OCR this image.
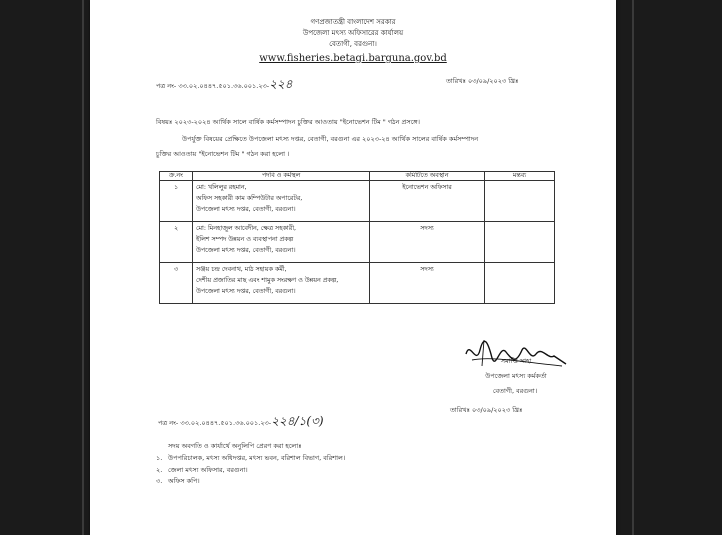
গণপ্রজাতন্ত্রী বাংলাদেশ সরকার
উপজেলা মৎস্য অফিসারের কার্যালয়
বেতাগী, বরগুনা।
www.fisheries.betagi.barguna.gov.bd
পত্র নং- ৩৩.০২.০৪৪৭.৫০১.৩৬.০০১.২৩-২২৪	তারিখঃ ০৩/০৯/২০২৩ খ্রিঃ
বিষয়ঃ ২০২৩-২০২৪ আর্থিক সালে বার্ষিক কর্মসম্পাদন চুক্তির আওতায় "ইনোভেশন টিম " গঠন প্রসঙ্গে।
উপর্যুক্ত বিষয়ের প্রেক্ষিতে উপজেলা মৎস্য দপ্তর, বেতাগী, বরগুনা এর ২০২৩-২৪ আর্থিক সালের বার্ষিক কর্মসম্পাদন
চুক্তির আওতায় "ইনোভেশন টিম " গঠন করা হলো ।
ক্র.নং	পদবি ও কর্মস্থল	কমিটিতে অবস্থান	মন্তব্য
১	মো: খলিলুর রহমান,
অফিস সহকারী কাম কম্পিউটার অপারেটর,
উপজেলা মৎস্য দপ্তর, বেতাগী, বরগুনা।	ইনোভেশন অফিসার	
২	মো: মিনহাজুল আবেদীন, ক্ষেত্র সহকারী,
ইলিশ সম্পদ উন্নয়ন ও ব্যবস্থাপনা প্রকল্প
উপজেলা মৎস্য দপ্তর, বেতাগী, বরগুনা।	সদস্য	
৩	সঞ্জয় চন্দ্র দেবনাথ, মাঠ সহায়ক কর্মী,
দেশীয় প্রজাতির মাছ এবং শামুক সংরক্ষণ ও উন্নয়ন প্রকল্প,
উপজেলা মৎস্য দপ্তর, বেতাগী, বরগুনা।	সদস্য	
সমাপ্তি সাহা
উপজেলা মৎস্য কর্মকর্তা
বেতাগী, বরগুনা।
তারিখঃ ০৩/০৯/২০২৩ খ্রিঃ
পত্র নং- ৩৩.০২.০৪৪৭.৫০১.৩৬.০০১.২৩-২২৪/১(৩)
সদয় অবগতি ও কার্যার্থে অনুলিপি প্রেরণ করা হলোঃ
১. উপপরিচালক, মৎস্য অধিদপ্তর, মৎস্য ভবন, বরিশাল বিভাগ, বরিশাল।
২. জেলা মৎস্য অফিসার, বরগুনা।
৩. অফিস কপি।
